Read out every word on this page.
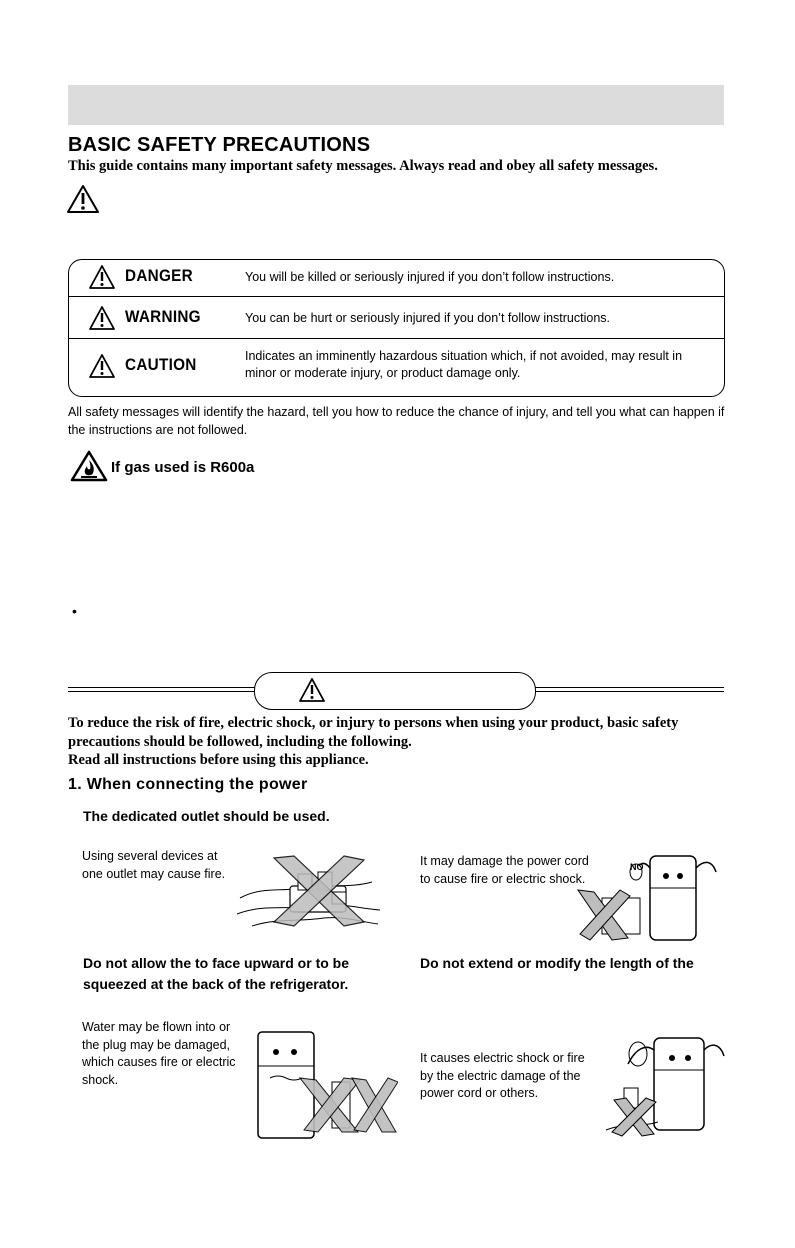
BASIC SAFETY PRECAUTIONS
This guide contains many important safety messages. Always read and obey all safety messages.
DANGER	You will be killed or seriously injured if you don’t follow instructions.
WARNING	You can be hurt or seriously injured if you don’t follow instructions.
CAUTION	Indicates an imminently hazardous situation which, if not avoided, may result in minor or moderate injury, or product damage only.
All safety messages will identify the hazard, tell you how to reduce the chance of injury, and tell you what can happen if the instructions are not followed.
If gas used is R600a
•
To reduce the risk of fire, electric shock, or injury to persons when using your product, basic safety precautions should be followed, including the following.
Read all instructions before using this appliance.
1. When connecting the power
The dedicated outlet should be used.
Using several devices at one outlet may cause fire.
It may damage the power cord to cause fire or electric shock.
NO
Do not allow the to face upward or to be squeezed at the back of the refrigerator.
Water may be flown into or the plug may be damaged, which causes fire or electric shock.
Do not extend or modify the length of the
It causes electric shock or fire by the electric damage of the power cord or others.
